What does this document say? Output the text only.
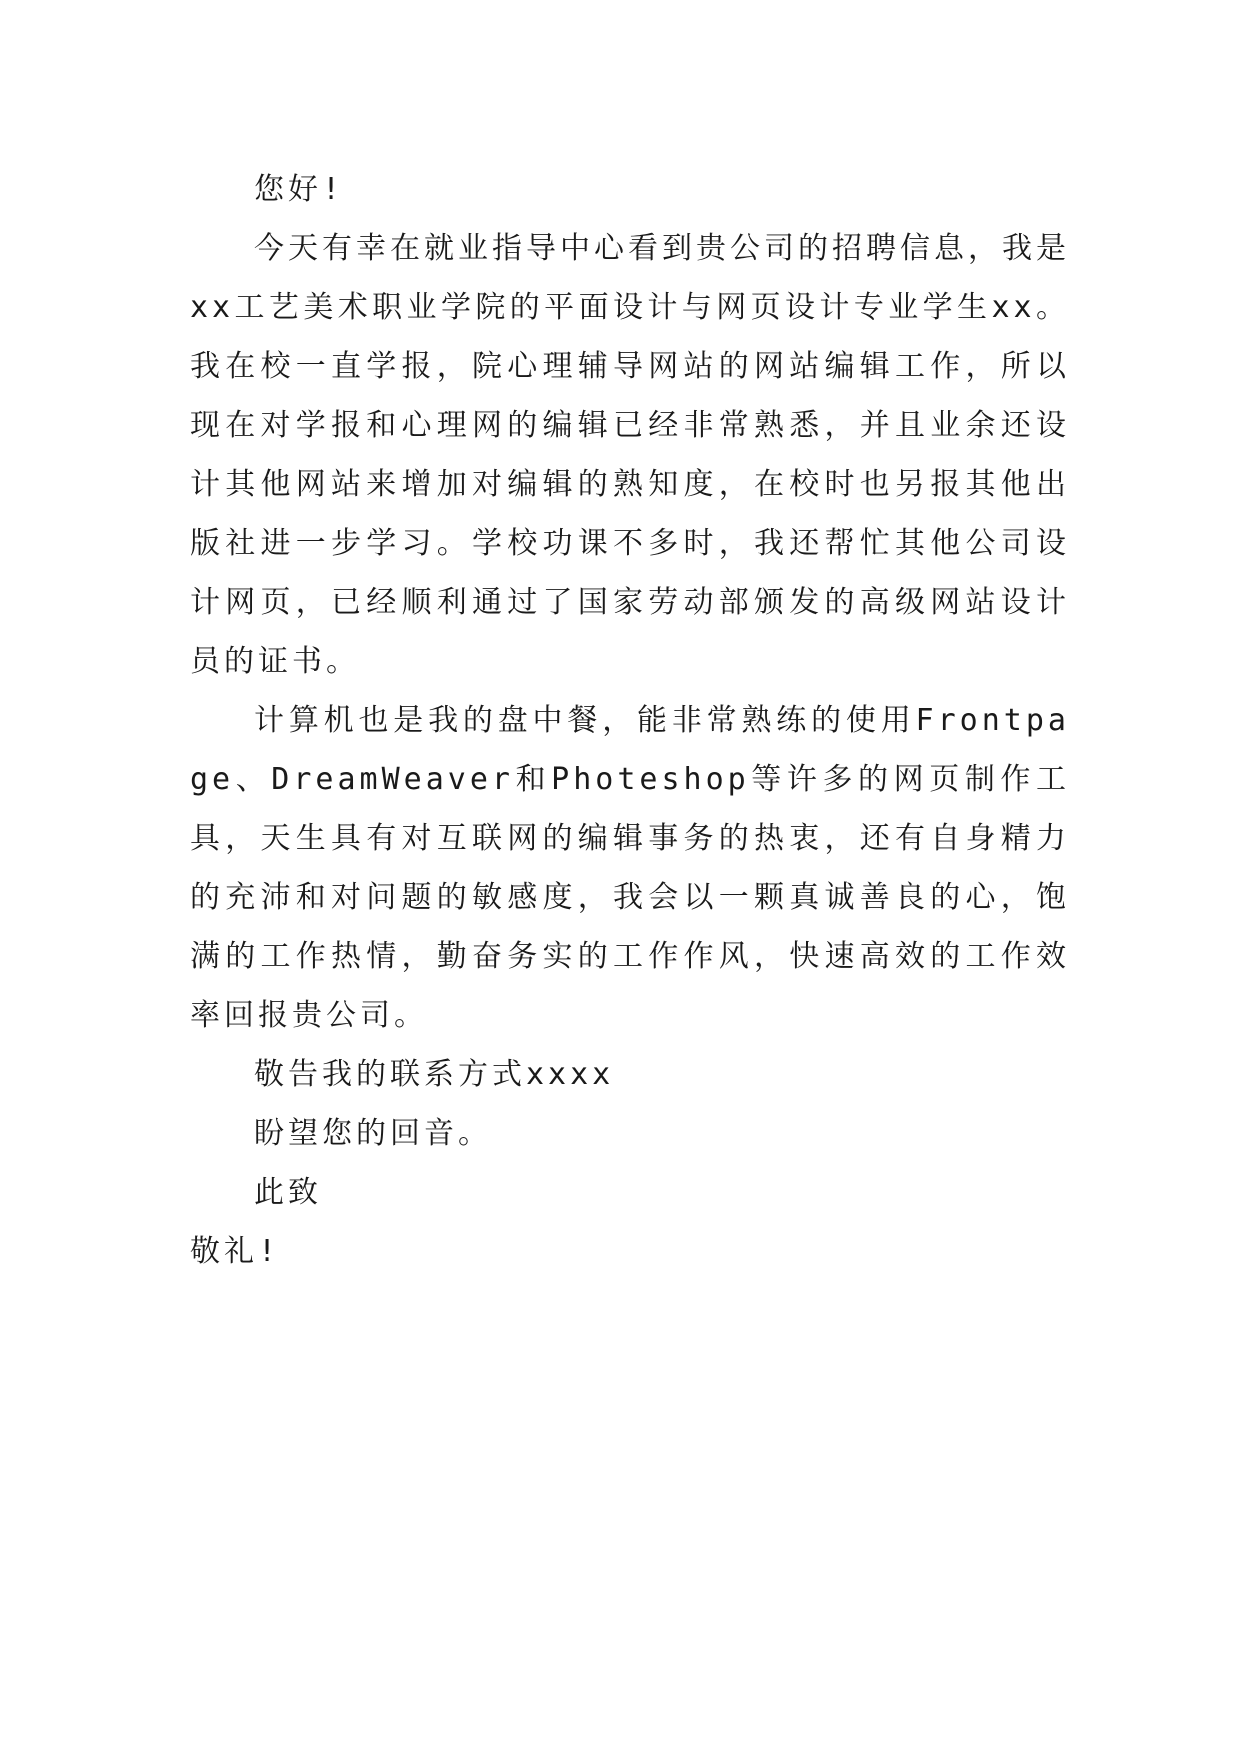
您好!

今天有幸在就业指导中心看到贵公司的招聘信息，我是xx工艺美术职业学院的平面设计与网页设计专业学生xx。我在校一直学报，院心理辅导网站的网站编辑工作，所以现在对学报和心理网的编辑已经非常熟悉，并且业余还设计其他网站来增加对编辑的熟知度，在校时也另报其他出版社进一步学习。学校功课不多时，我还帮忙其他公司设计网页，已经顺利通过了国家劳动部颁发的高级网站设计员的证书。

计算机也是我的盘中餐，能非常熟练的使用Frontpage、DreamWeaver和Photeshop等许多的网页制作工具，天生具有对互联网的编辑事务的热衷，还有自身精力的充沛和对问题的敏感度，我会以一颗真诚善良的心，饱满的工作热情，勤奋务实的工作作风，快速高效的工作效率回报贵公司。

敬告我的联系方式xxxx

盼望您的回音。

此致

敬礼!
